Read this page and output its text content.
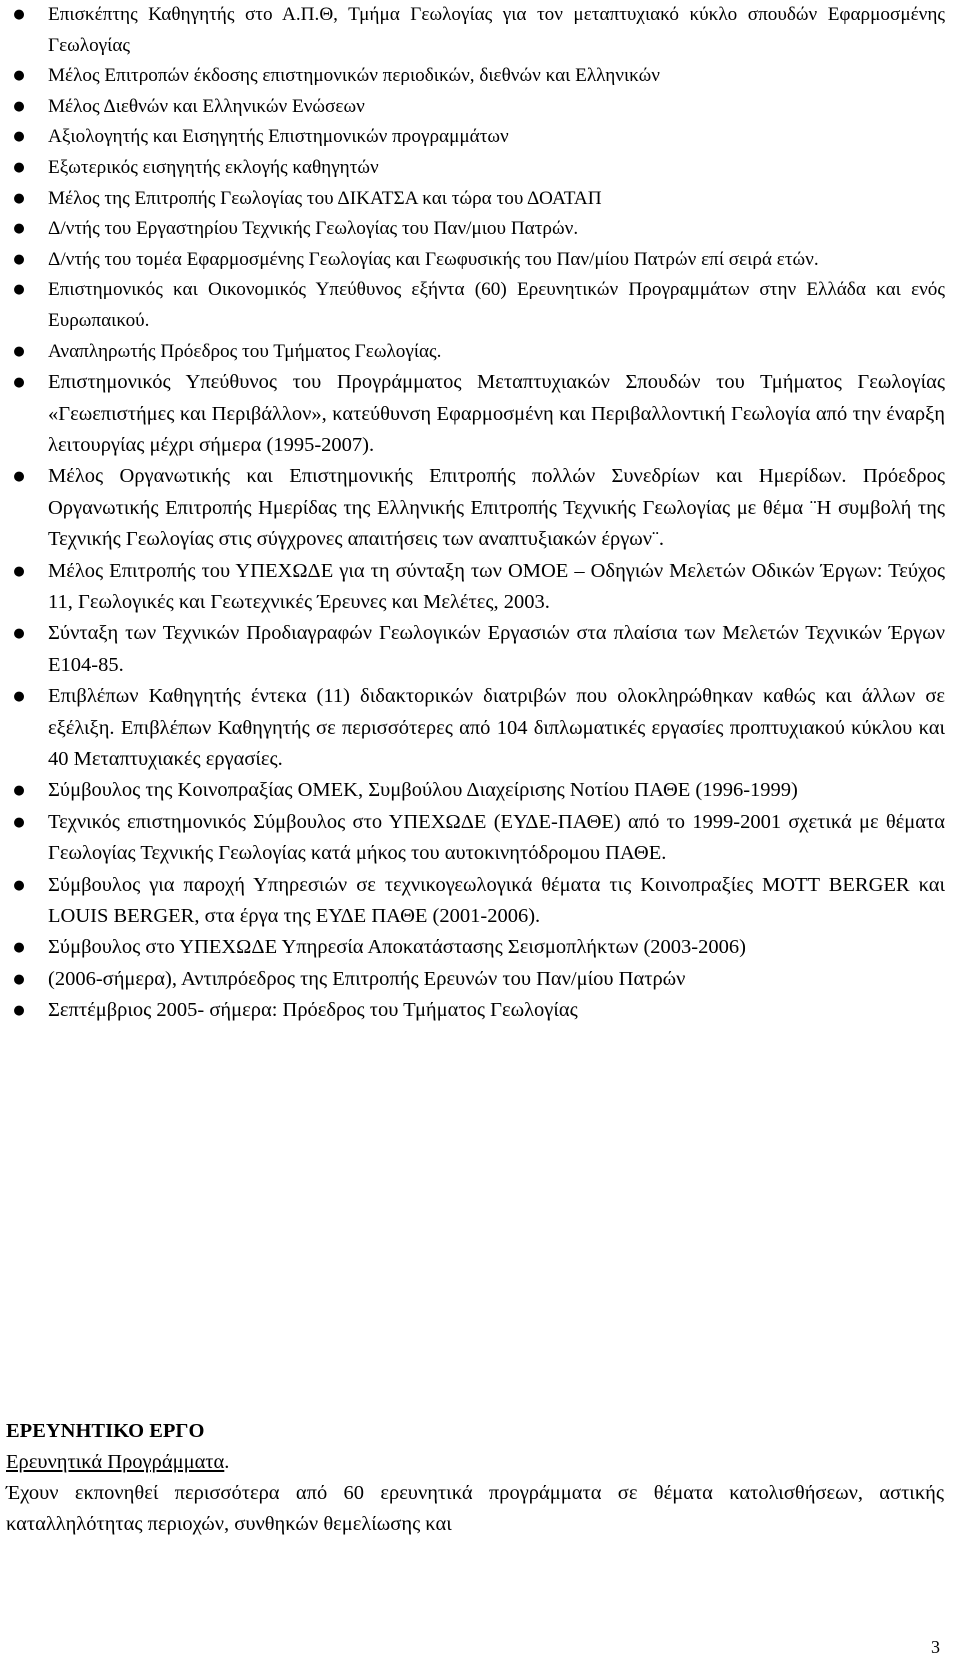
● Επισκέπτης Καθηγητής στο Α.Π.Θ, Τμήμα Γεωλογίας για τον μεταπτυχιακό κύκλο σπουδών Εφαρμοσμένης Γεωλογίας
● Μέλος Επιτροπών έκδοσης επιστημονικών περιοδικών, διεθνών και Ελληνικών
● Μέλος Διεθνών και Ελληνικών Ενώσεων
● Αξιολογητής και Εισηγητής Επιστημονικών προγραμμάτων
● Εξωτερικός εισηγητής εκλογής καθηγητών
● Μέλος της Επιτροπής Γεωλογίας του ΔΙΚΑΤΣΑ και τώρα του ΔΟΑΤΑΠ
● Δ/ντής του Εργαστηρίου Τεχνικής Γεωλογίας του Παν/μιου Πατρών.
● Δ/ντής του τομέα Εφαρμοσμένης Γεωλογίας και Γεωφυσικής του Παν/μίου Πατρών επί σειρά ετών.
● Επιστημονικός και Οικονομικός Υπεύθυνος εξήντα (60) Ερευνητικών Προγραμμάτων στην Ελλάδα και ενός Ευρωπαικού.
● Αναπληρωτής Πρόεδρος του Τμήματος Γεωλογίας.
● Επιστημονικός Υπεύθυνος του Προγράμματος Μεταπτυχιακών Σπουδών του Τμήματος Γεωλογίας «Γεωεπιστήμες και Περιβάλλον», κατεύθυνση Εφαρμοσμένη και Περιβαλλοντική Γεωλογία από την έναρξη λειτουργίας μέχρι σήμερα (1995-2007).
● Μέλος Οργανωτικής και Επιστημονικής Επιτροπής πολλών Συνεδρίων και Ημερίδων. Πρόεδρος Οργανωτικής Επιτροπής Ημερίδας της Ελληνικής Επιτροπής Τεχνικής Γεωλογίας με θέμα ¨Η συμβολή της Τεχνικής Γεωλογίας στις σύγχρονες απαιτήσεις των αναπτυξιακών έργων¨.
● Μέλος Επιτροπής του ΥΠΕΧΩΔΕ για τη σύνταξη των ΟΜΟΕ – Οδηγιών Μελετών Οδικών Έργων: Τεύχος 11, Γεωλογικές και Γεωτεχνικές Έρευνες και Μελέτες, 2003.
● Σύνταξη των Τεχνικών Προδιαγραφών Γεωλογικών Εργασιών στα πλαίσια των Μελετών Τεχνικών Έργων Ε104-85.
● Επιβλέπων Καθηγητής έντεκα (11) διδακτορικών διατριβών που ολοκληρώθηκαν καθώς και άλλων σε εξέλιξη. Επιβλέπων Καθηγητής σε περισσότερες από 104 διπλωματικές εργασίες προπτυχιακού κύκλου και 40 Μεταπτυχιακές εργασίες.
● Σύμβουλος της Κοινοπραξίας ΟΜΕΚ, Συμβούλου Διαχείρισης Νοτίου ΠΑΘΕ (1996-1999)
● Τεχνικός επιστημονικός Σύμβουλος στο ΥΠΕΧΩΔΕ (ΕΥΔΕ-ΠΑΘΕ) από το 1999-2001 σχετικά με θέματα Γεωλογίας Τεχνικής Γεωλογίας κατά μήκος του αυτοκινητόδρομου ΠΑΘΕ.
● Σύμβουλος για παροχή Υπηρεσιών σε τεχνικογεωλογικά θέματα τις Κοινοπραξίες MOTT BERGER και LOUIS BERGER, στα έργα της ΕΥΔΕ ΠΑΘΕ (2001-2006).
● Σύμβουλος στο ΥΠΕΧΩΔΕ Υπηρεσία Αποκατάστασης Σεισμοπλήκτων (2003-2006)
● (2006-σήμερα), Αντιπρόεδρος της Επιτροπής Ερευνών του Παν/μίου Πατρών
● Σεπτέμβριος 2005- σήμερα: Πρόεδρος του Τμήματος Γεωλογίας
ΕΡΕΥΝΗΤΙΚΟ ΕΡΓΟ
Ερευνητικά Προγράμματα.
Έχουν εκπονηθεί περισσότερα από 60 ερευνητικά προγράμματα σε θέματα κατολισθήσεων, αστικής καταλληλότητας περιοχών, συνθηκών θεμελίωσης και
3
